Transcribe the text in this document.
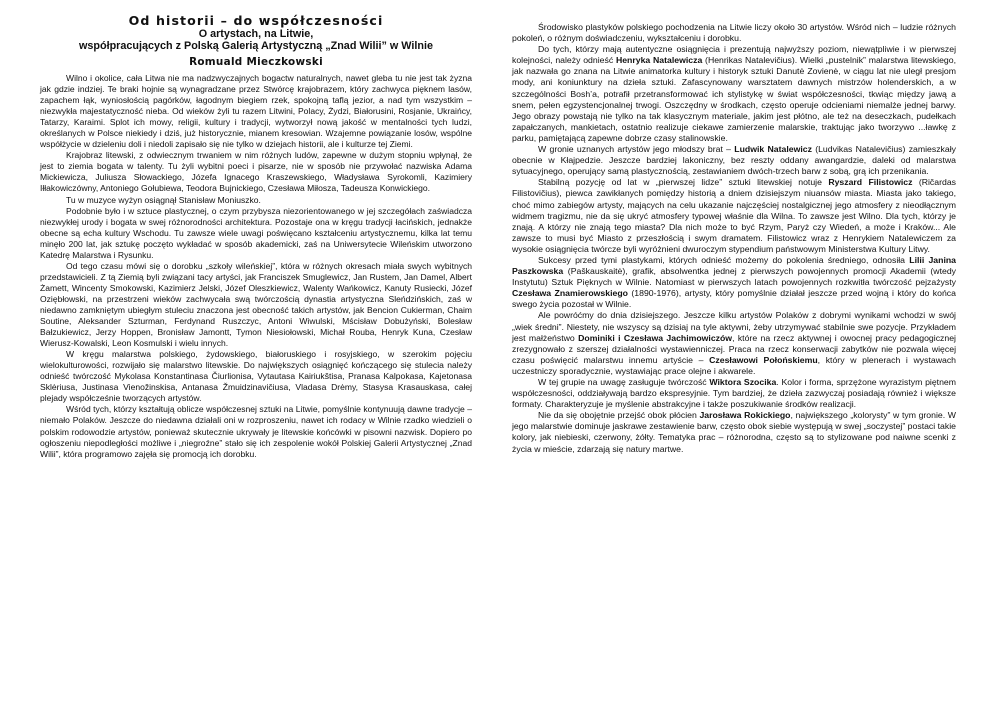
Od historii – do współczesności
O artystach, na Litwie,
współpracujących z Polską Galerią Artystyczną „Znad Wilii” w Wilnie
Romuald Mieczkowski

Wilno i okolice, cała Litwa nie ma nadzwyczajnych bogactw naturalnych, nawet gleba tu nie jest tak żyzna jak gdzie indziej. Te braki hojnie są wynagradzane przez Stwórcę krajobrazem, który zachwyca pięknem lasów, zapachem łąk, wyniosłością pagórków, łagodnym biegiem rzek, spokojną taflą jezior, a nad tym wszystkim – niezwykła majestatyczność nieba. Od wieków żyli tu razem Litwini, Polacy, Żydzi, Białorusini, Rosjanie, Ukraińcy, Tatarzy, Karaimi. Splot ich mowy, religii, kultury i tradycji, wytworzył nową jakość w mentalności tych ludzi, określanych w Polsce niekiedy i dziś, już historycznie, mianem kresowian. Wzajemne powiązanie losów, wspólne współżycie w dzieleniu doli i niedoli zapisało się nie tylko w dziejach historii, ale i kulturze tej Ziemi.

Krajobraz litewski, z odwiecznym trwaniem w nim różnych ludów, zapewne w dużym stopniu wpłynął, że jest to ziemia bogata w talenty. Tu żyli wybitni poeci i pisarze, nie w sposób nie przywołać nazwiska Adama Mickiewicza, Juliusza Słowackiego, Józefa Ignacego Kraszewskiego, Władysława Syrokomli, Kazimiery Iłłakowiczówny, Antoniego Gołubiewa, Teodora Bujnickiego, Czesława Miłosza, Tadeusza Konwickiego.

Tu w muzyce wyżyn osiągnął Stanisław Moniuszko.

Podobnie było i w sztuce plastycznej, o czym przybysza niezorientowanego w jej szczegółach zaświadcza niezwykłej urody i bogata w swej różnorodności architektura. Pozostaje ona w kręgu tradycji łacińskich, jednakże obecne są echa kultury Wschodu. Tu zawsze wiele uwagi poświęcano kształceniu artystycznemu, kilka lat temu minęło 200 lat, jak sztukę poczęto wykładać w sposób akademicki, zaś na Uniwersytecie Wileńskim utworzono Katedrę Malarstwa i Rysunku.

Od tego czasu mówi się o dorobku „szkoły wileńskiej”, która w różnych okresach miała swych wybitnych przedstawicieli. Z tą Ziemią byli związani tacy artyści, jak Franciszek Smuglewicz, Jan Rustem, Jan Damel, Albert Żamett, Wincenty Smokowski, Kazimierz Jelski, Józef Oleszkiewicz, Walenty Wańkowicz, Kanuty Rusiecki, Józef Oziębłowski, na przestrzeni wieków zachwycała swą twórczością dynastia artystyczna Sleńdzińskich, zaś w niedawno zamkniętym ubiegłym stuleciu znaczona jest obecność takich artystów, jak Bencion Cukierman, Chaim Soutine, Aleksander Szturman, Ferdynand Ruszczyc, Antoni Wiwulski, Mścisław Dobużyński, Bolesław Bałzukiewicz, Jerzy Hoppen, Bronisław Jamontt, Tymon Niesiołowski, Michał Rouba, Henryk Kuna, Czesław Wierusz-Kowalski, Leon Kosmulski i wielu innych.

W kręgu malarstwa polskiego, żydowskiego, białoruskiego i rosyjskiego, w szerokim pojęciu wielokulturowości, rozwijało się malarstwo litewskie. Do największych osiągnięć kończącego się stulecia należy odnieść twórczość Mykolasa Konstantinasa Čiurlionisa, Vytautasa Kairiukštisa, Pranasa Kalpokasa, Kajetonasa Sklėriusa, Justinasa Vienožinskisa, Antanasa Žmuidzinavičiusa, Vladasa Drėmy, Stasysa Krasauskasa, całej plejady współcześnie tworzących artystów.

Wśród tych, którzy kształtują oblicze współczesnej sztuki na Litwie, pomyślnie kontynuują dawne tradycje – niemało Polaków. Jeszcze do niedawna działali oni w rozproszeniu, nawet ich rodacy w Wilnie rzadko wiedzieli o polskim rodowodzie artystów, ponieważ skutecznie ukrywały je litewskie końcówki w pisowni nazwisk. Dopiero po ogłoszeniu niepodległości możliwe i „niegroźne” stało się ich zespolenie wokół Polskiej Galerii Artystycznej „Znad Wilii”, która programowo zajęła się promocją ich dorobku.

Środowisko plastyków polskiego pochodzenia na Litwie liczy około 30 artystów. Wśród nich – ludzie różnych pokoleń, o różnym doświadczeniu, wykształceniu i dorobku.

Do tych, którzy mają autentyczne osiągnięcia i prezentują najwyższy poziom, niewątpliwie i w pierwszej kolejności, należy odnieść Henryka Natalewicza (Henrikas Natalevičius). Wielki „pustelnik” malarstwa litewskiego, jak nazwała go znana na Litwie animatorka kultury i historyk sztuki Danutė Zovienė, w ciągu lat nie uległ presjom mody, ani koniunktury na dzieła sztuki. Zafascynowany warsztatem dawnych mistrzów holenderskich, a w szczególności Bosh’a, potrafił przetransformować ich stylistykę w świat współczesności, tkwiąc między jawą a snem, pełen egzystencjonalnej trwogi. Oszczędny w środkach, często operuje odcieniami niemalże jednej barwy. Jego obrazy powstają nie tylko na tak klasycznym materiale, jakim jest płótno, ale też na deseczkach, pudełkach zapałczanych, mankietach, ostatnio realizuje ciekawe zamierzenie malarskie, traktując jako tworzywo ...ławkę z parku, pamiętającą zapewne dobrze czasy stalinowskie.

W gronie uznanych artystów jego młodszy brat – Ludwik Natalewicz (Ludvikas Natalevičius) zamieszkały obecnie w Kłajpedzie. Jeszcze bardziej lakoniczny, bez reszty oddany awangardzie, daleki od malarstwa sytuacyjnego, operujący samą plastycznością, zestawianiem dwóch-trzech barw z sobą, grą ich przenikania.

Stabilną pozycję od lat w „pierwszej lidze” sztuki litewskiej notuje Ryszard Filistowicz (Ričardas Filistovičius), piewca zawikłanych pomiędzy historią a dniem dzisiejszym niuansów miasta. Miasta jako takiego, choć mimo zabiegów artysty, mających na celu ukazanie najczęściej nostalgicznej jego atmosfery z nieodłącznym widmem tragizmu, nie da się ukryć atmosfery typowej właśnie dla Wilna. To zawsze jest Wilno. Dla tych, którzy je znają. A którzy nie znają tego miasta? Dla nich może to być Rzym, Paryż czy Wiedeń, a może i Kraków... Ale zawsze to musi być Miasto z przeszłością i swym dramatem. Filistowicz wraz z Henrykiem Natalewiczem za wysokie osiągnięcia twórcze byli wyróżnieni dwuroczym stypendium państwowym Ministerstwa Kultury Litwy.

Sukcesy przed tymi plastykami, których odnieść możemy do pokolenia średniego, odnosiła Lilii Janina Paszkowska (Paškauskaitė), grafik, absolwentka jednej z pierwszych powojennych promocji Akademii (wtedy Instytutu) Sztuk Pięknych w Wilnie. Natomiast w pierwszych latach powojennych rozkwitła twórczość pejzażysty Czesława Znamierowskiego (1890-1976), artysty, który pomyślnie działał jeszcze przed wojną i który do końca swego życia pozostał w Wilnie.

Ale powróćmy do dnia dzisiejszego. Jeszcze kilku artystów Polaków z dobrymi wynikami wchodzi w swój „wiek średni”. Niestety, nie wszyscy są dzisiaj na tyle aktywni, żeby utrzymywać stabilnie swe pozycje. Przykładem jest małżeństwo Dominiki i Czesława Jachimowiczów, które na rzecz aktywnej i owocnej pracy pedagogicznej zrezygnowało z szerszej działalności wystawienniczej. Praca na rzecz konserwacji zabytków nie pozwala więcej czasu poświęcić malarstwu innemu artyście – Czesławowi Połońskiemu, który w plenerach i wystawach uczestniczy sporadycznie, wystawiając prace olejne i akwarele.

W tej grupie na uwagę zasługuje twórczość Wiktora Szocika. Kolor i forma, sprzężone wyrazistym piętnem współczesności, oddziaływają bardzo ekspresyjnie. Tym bardziej, że dzieła zazwyczaj posiadają również i większe formaty. Charakteryzuje je myślenie abstrakcyjne i także poszukiwanie środków realizacji.

Nie da się obojętnie przejść obok płócien Jarosława Rokickiego, największego „kolorysty” w tym gronie. W jego malarstwie dominuje jaskrawe zestawienie barw, często obok siebie występują w swej „soczystej” postaci takie kolory, jak niebieski, czerwony, żółty. Tematyka prac – różnorodna, często są to stylizowane pod naiwne scenki z życia w mieście, zdarzają się natury martwe.
